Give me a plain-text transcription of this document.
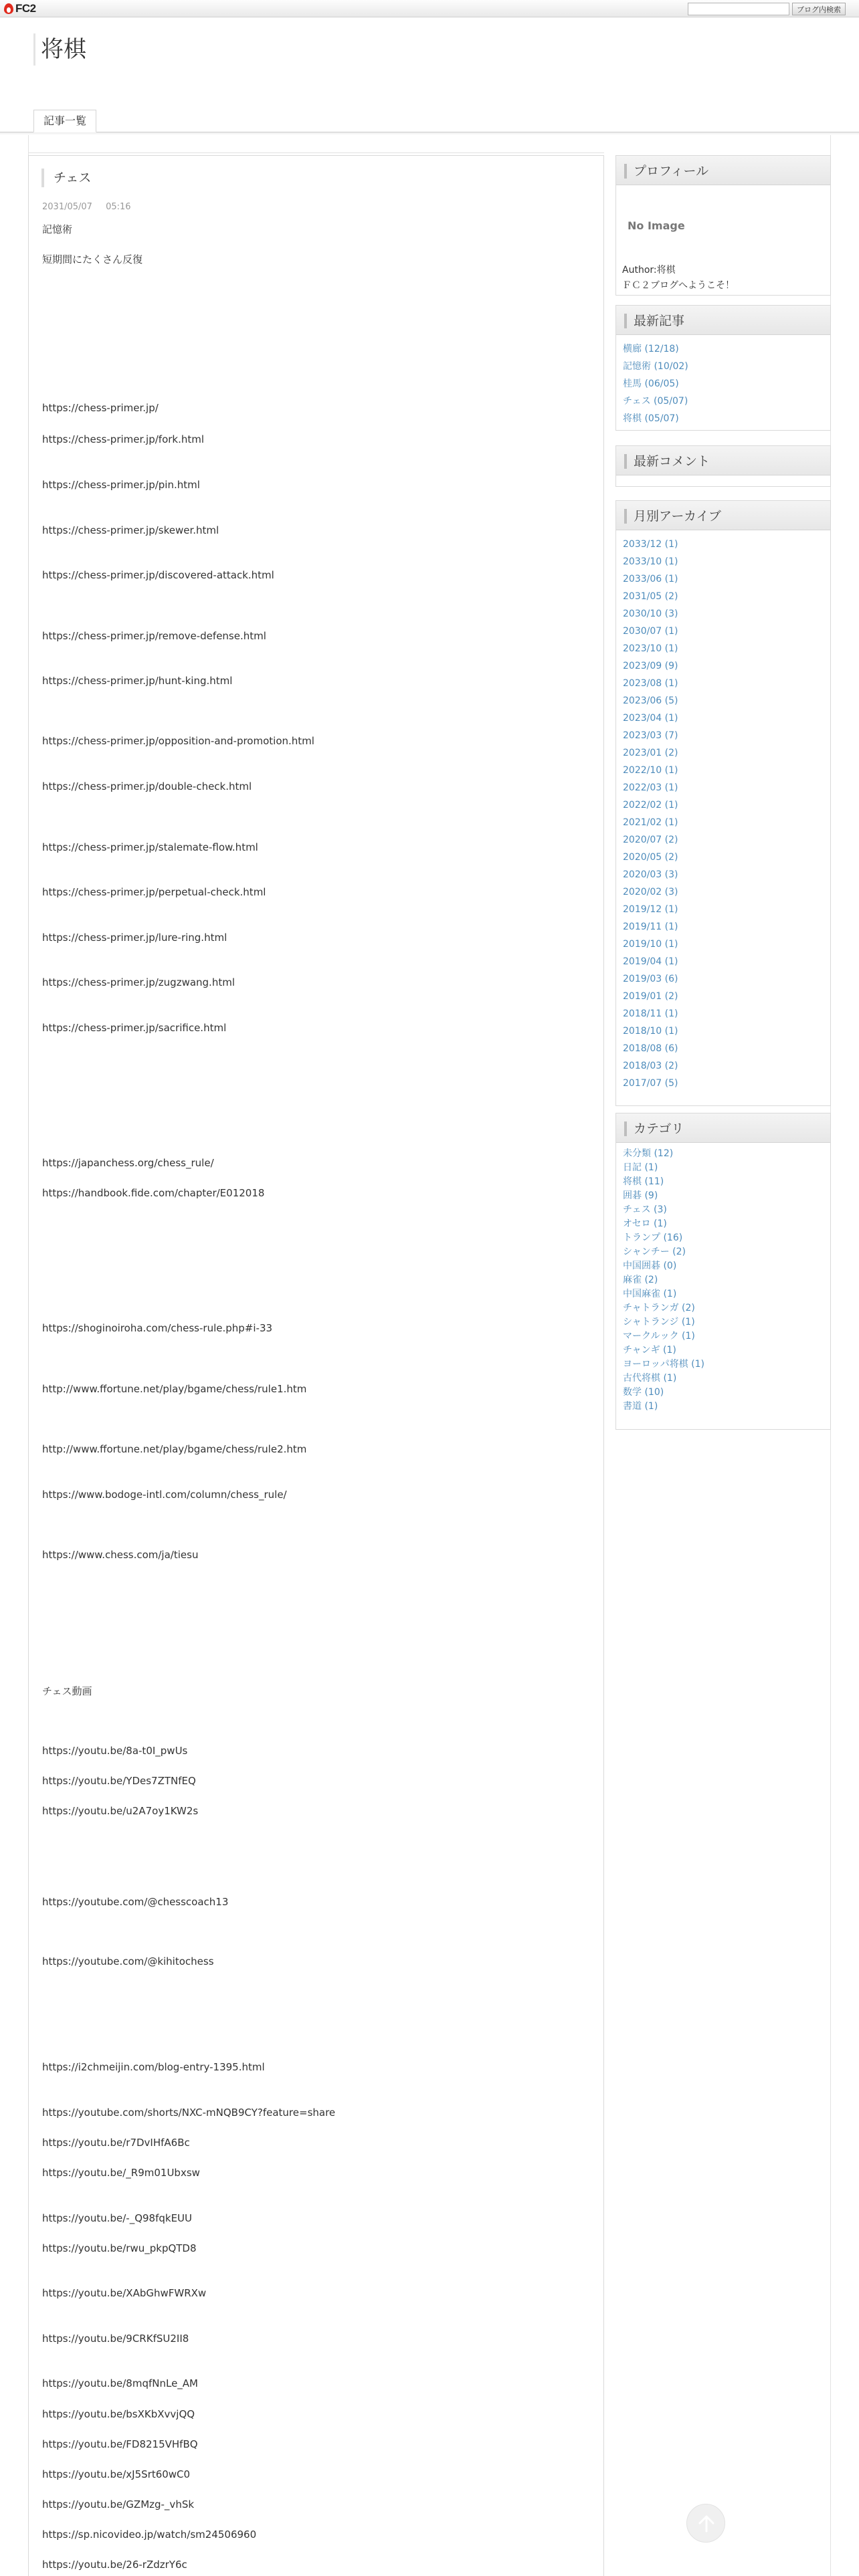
FC2	ブログ内検索
将棋
記事一覧
チェス
2031/05/07 05:16
記憶術
短期間にたくさん反復
https://chess-primer.jp/
https://chess-primer.jp/fork.html
https://chess-primer.jp/pin.html
https://chess-primer.jp/skewer.html
https://chess-primer.jp/discovered-attack.html
https://chess-primer.jp/remove-defense.html
https://chess-primer.jp/hunt-king.html
https://chess-primer.jp/opposition-and-promotion.html
https://chess-primer.jp/double-check.html
https://chess-primer.jp/stalemate-flow.html
https://chess-primer.jp/perpetual-check.html
https://chess-primer.jp/lure-ring.html
https://chess-primer.jp/zugzwang.html
https://chess-primer.jp/sacrifice.html
https://japanchess.org/chess_rule/
https://handbook.fide.com/chapter/E012018
https://shoginoiroha.com/chess-rule.php#i-33
http://www.ffortune.net/play/bgame/chess/rule1.htm
http://www.ffortune.net/play/bgame/chess/rule2.htm
https://www.bodoge-intl.com/column/chess_rule/
https://www.chess.com/ja/tiesu
チェス動画
https://youtu.be/8a-t0I_pwUs
https://youtu.be/YDes7ZTNfEQ
https://youtu.be/u2A7oy1KW2s
https://youtube.com/@chesscoach13
https://youtube.com/@kihitochess
https://i2chmeijin.com/blog-entry-1395.html
https://youtube.com/shorts/NXC-mNQB9CY?feature=share
https://youtu.be/r7DvIHfA6Bc
https://youtu.be/_R9m01Ubxsw
https://youtu.be/-_Q98fqkEUU
https://youtu.be/rwu_pkpQTD8
https://youtu.be/XAbGhwFWRXw
https://youtu.be/9CRKfSU2II8
https://youtu.be/8mqfNnLe_AM
https://youtu.be/bsXKbXvvjQQ
https://youtu.be/FD8215VHfBQ
https://youtu.be/xJ5Srt60wC0
https://youtu.be/GZMzg-_vhSk
https://sp.nicovideo.jp/watch/sm24506960
https://youtu.be/26-rZdzrY6c
プロフィール
No Image
Author:将棋
ＦＣ２ブログへようこそ！
最新記事
横廊 (12/18)
記憶術 (10/02)
桂馬 (06/05)
チェス (05/07)
将棋 (05/07)
最新コメント
月別アーカイブ
2033/12 (1)
2033/10 (1)
2033/06 (1)
2031/05 (2)
2030/10 (3)
2030/07 (1)
2023/10 (1)
2023/09 (9)
2023/08 (1)
2023/06 (5)
2023/04 (1)
2023/03 (7)
2023/01 (2)
2022/10 (1)
2022/03 (1)
2022/02 (1)
2021/02 (1)
2020/07 (2)
2020/05 (2)
2020/03 (3)
2020/02 (3)
2019/12 (1)
2019/11 (1)
2019/10 (1)
2019/04 (1)
2019/03 (6)
2019/01 (2)
2018/11 (1)
2018/10 (1)
2018/08 (6)
2018/03 (2)
2017/07 (5)
カテゴリ
未分類 (12)
日記 (1)
将棋 (11)
囲碁 (9)
チェス (3)
オセロ (1)
トランプ (16)
シャンチー (2)
中国囲碁 (0)
麻雀 (2)
中国麻雀 (1)
チャトランガ (2)
シャトランジ (1)
マークルック (1)
チャンギ (1)
ヨーロッパ将棋 (1)
古代将棋 (1)
数学 (10)
書道 (1)
